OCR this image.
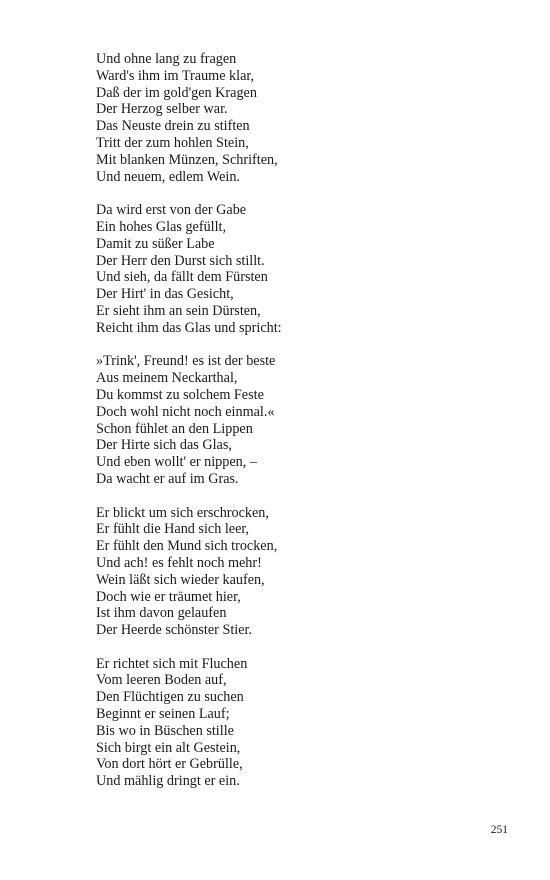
Und ohne lang zu fragen
Ward's ihm im Traume klar,
Daß der im gold'gen Kragen
Der Herzog selber war.
Das Neuste drein zu stiften
Tritt der zum hohlen Stein,
Mit blanken Münzen, Schriften,
Und neuem, edlem Wein.
Da wird erst von der Gabe
Ein hohes Glas gefüllt,
Damit zu süßer Labe
Der Herr den Durst sich stillt.
Und sieh, da fällt dem Fürsten
Der Hirt' in das Gesicht,
Er sieht ihm an sein Dürsten,
Reicht ihm das Glas und spricht:
»Trink', Freund! es ist der beste
Aus meinem Neckarthal,
Du kommst zu solchem Feste
Doch wohl nicht noch einmal.«
Schon fühlet an den Lippen
Der Hirte sich das Glas,
Und eben wollt' er nippen, –
Da wacht er auf im Gras.
Er blickt um sich erschrocken,
Er fühlt die Hand sich leer,
Er fühlt den Mund sich trocken,
Und ach! es fehlt noch mehr!
Wein läßt sich wieder kaufen,
Doch wie er träumet hier,
Ist ihm davon gelaufen
Der Heerde schönster Stier.
Er richtet sich mit Fluchen
Vom leeren Boden auf,
Den Flüchtigen zu suchen
Beginnt er seinen Lauf;
Bis wo in Büschen stille
Sich birgt ein alt Gestein,
Von dort hört er Gebrülle,
Und mählig dringt er ein.
251
